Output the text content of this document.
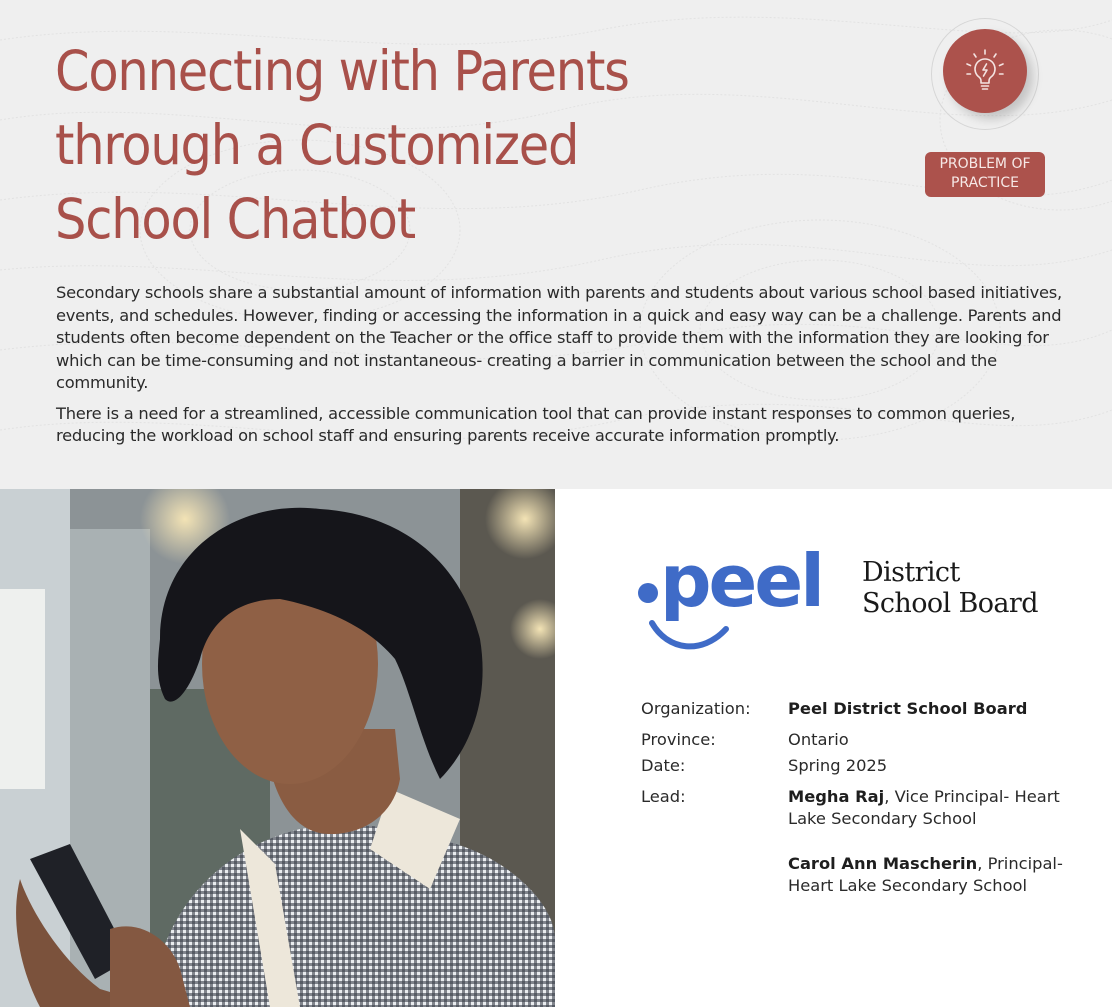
Connecting with Parents
through a Customized
School Chatbot
PROBLEM OF
PRACTICE

Secondary schools share a substantial amount of information with parents and students about various school based initiatives, events, and schedules. However, finding or accessing the information in a quick and easy way can be a challenge. Parents and students often become dependent on the Teacher or the office staff to provide them with the information they are looking for which can be time-consuming and not instantaneous- creating a barrier in communication between the school and the community.

There is a need for a streamlined, accessible communication tool that can provide instant responses to common queries, reducing the workload on school staff and ensuring parents receive accurate information promptly.

peel District
School Board
Organization:	Peel District School Board
Province:	Ontario
Date:	Spring 2025
Lead:	Megha Raj, Vice Principal- Heart Lake Secondary School
Carol Ann Mascherin, Principal- Heart Lake Secondary School
